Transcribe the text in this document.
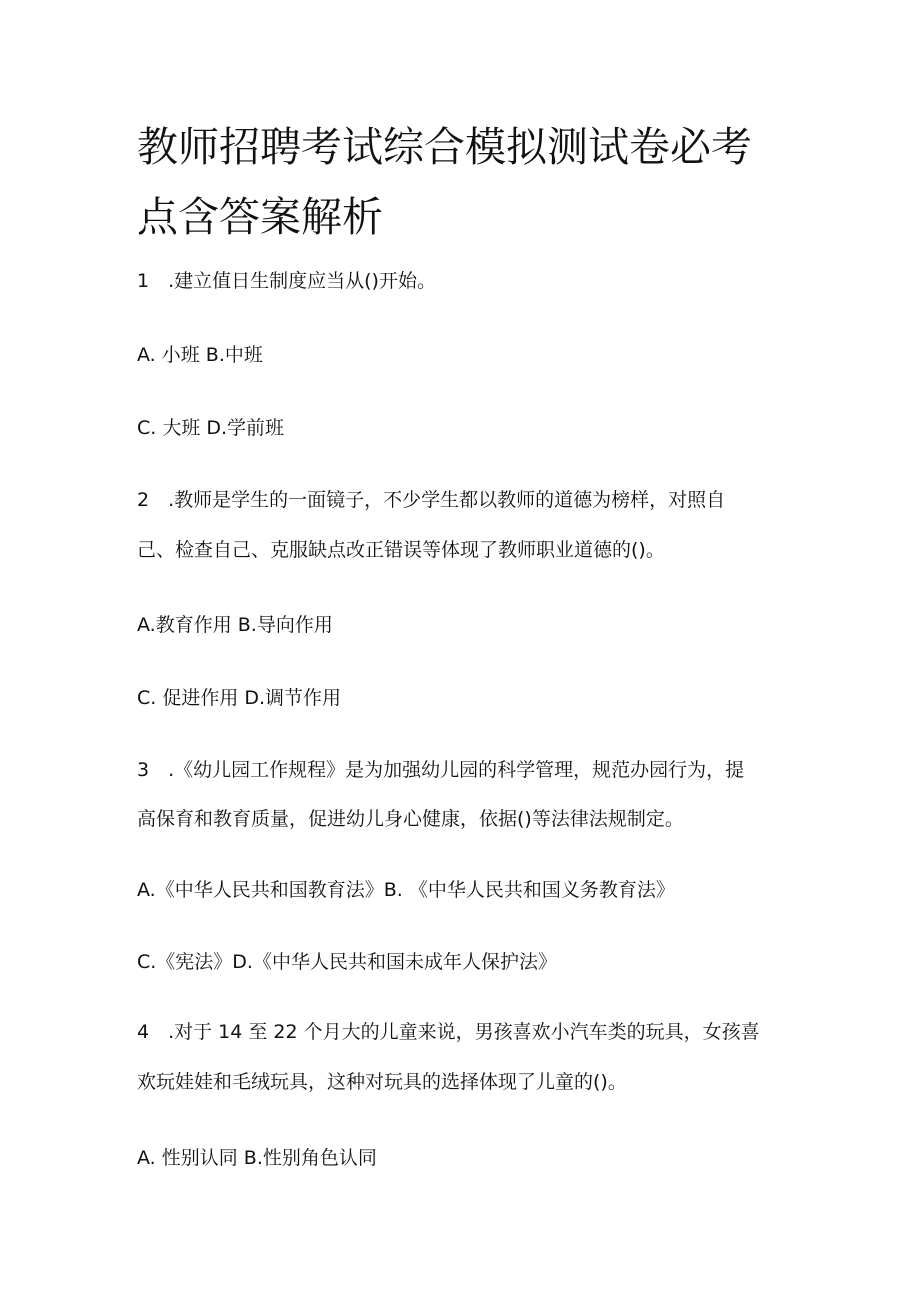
教师招聘考试综合模拟测试卷必考
点含答案解析
1　.建立值日生制度应当从()开始。
A. 小班 B.中班
C. 大班 D.学前班
2　.教师是学生的一面镜子，不少学生都以教师的道德为榜样，对照自
己、检查自己、克服缺点改正错误等体现了教师职业道德的()。
A.教育作用 B.导向作用
C. 促进作用 D.调节作用
3　.《幼儿园工作规程》是为加强幼儿园的科学管理，规范办园行为，提
高保育和教育质量，促进幼儿身心健康，依据()等法律法规制定。
A.《中华人民共和国教育法》B. 《中华人民共和国义务教育法》
C.《宪法》D.《中华人民共和国未成年人保护法》
4　.对于 14 至 22 个月大的儿童来说，男孩喜欢小汽车类的玩具，女孩喜
欢玩娃娃和毛绒玩具，这种对玩具的选择体现了儿童的()。
A. 性别认同 B.性别角色认同
